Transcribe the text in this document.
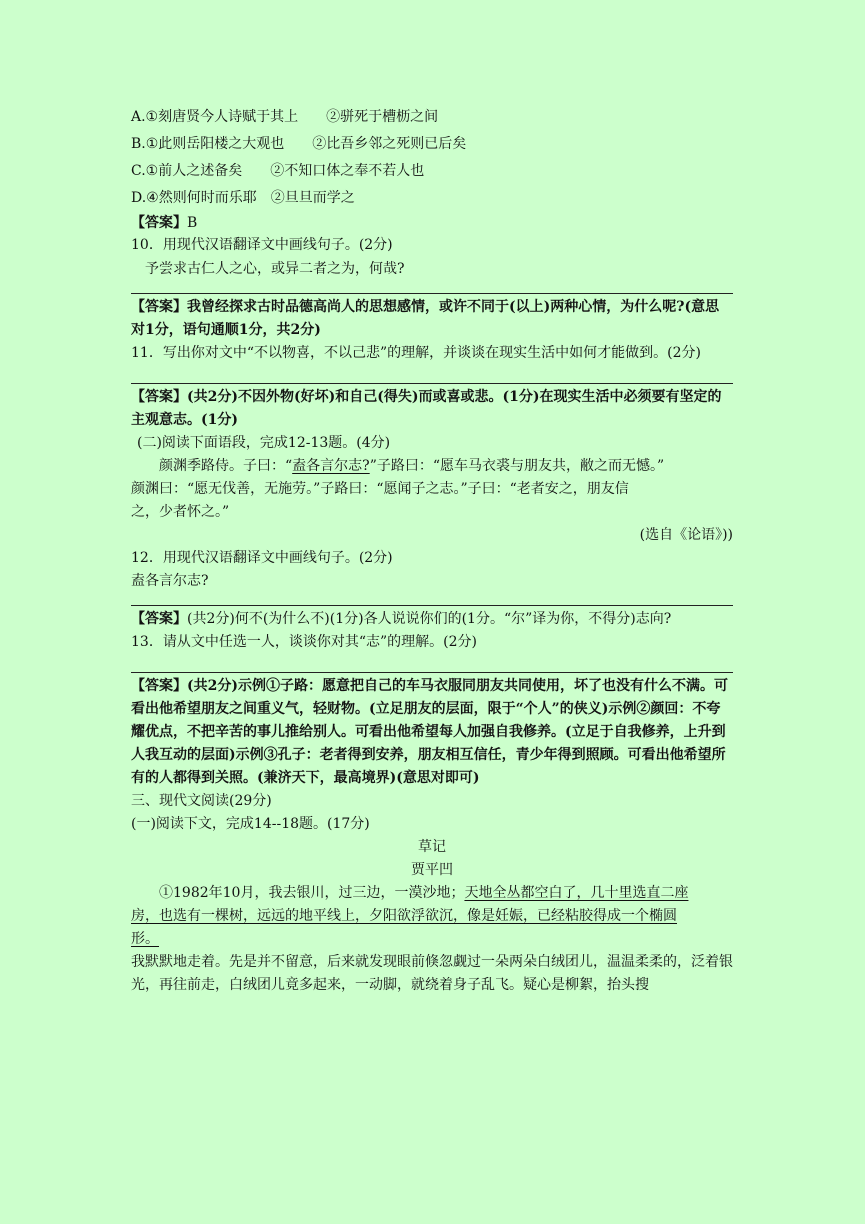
A.①刻唐贤今人诗赋于其上　　②骈死于槽枥之间
B.①此则岳阳楼之大观也　　②比吾乡邻之死则已后矣
C.①前人之述备矣　　②不知口体之奉不若人也
D.④然则何时而乐耶　②旦旦而学之
【答案】B
10．用现代汉语翻译文中画线句子。(2分)
予尝求古仁人之心，或异二者之为，何哉?
【答案】我曾经探求古时品德高尚人的思想感情，或许不同于(以上)两种心情，为什么呢?(意思对1分，语句通顺1分，共2分)
11．写出你对文中“不以物喜，不以己悲”的理解，并谈谈在现实生活中如何才能做到。(2分)
【答案】(共2分)不因外物(好坏)和自己(得失)而或喜或悲。(1分)在现实生活中必须要有坚定的主观意志。(1分)
(二)阅读下面语段，完成12-13题。(4分)
颜渊季路侍。子曰：“盍各言尔志?”子路曰：“愿车马衣裘与朋友共，敝之而无憾。”
颜渊曰：“愿无伐善，无施劳。”子路曰：“愿闻子之志。”子曰：“老者安之，朋友信
之，少者怀之。”
(选自《论语》))
12．用现代汉语翻译文中画线句子。(2分)
盍各言尔志?
【答案】(共2分)何不(为什么不)(1分)各人说说你们的(1分。“尔”译为你，不得分)志向?
13．请从文中任选一人，谈谈你对其“志”的理解。(2分)
【答案】(共2分)示例①子路：愿意把自己的车马衣服同朋友共同使用，坏了也没有什么不满。可看出他希望朋友之间重义气，轻财物。(立足朋友的层面，限于“个人”的侠义)示例②颜回：不夸耀优点，不把辛苦的事儿推给别人。可看出他希望每人加强自我修养。(立足于自我修养，上升到人我互动的层面)示例③孔子：老者得到安养，朋友相互信任，青少年得到照顾。可看出他希望所有的人都得到关照。(兼济天下，最高境界)(意思对即可)
三、现代文阅读(29分)
(一)阅读下文，完成14--18题。(17分)
草记
贾平凹
①1982年10月，我去银川，过三边，一漠沙地；天地全丛都空白了，几十里选直二座
房，也选有一棵树，远远的地平线上，夕阳欲浮欲沉，像是妊娠，已经粘胶得成一个椭圆
形。
我默默地走着。先是并不留意，后来就发现眼前倏忽觑过一朵两朵白绒团儿，温温柔柔的，泛着银光，再往前走，白绒团儿竟多起来，一动脚，就绕着身子乱飞。疑心是柳絮，抬头搜
